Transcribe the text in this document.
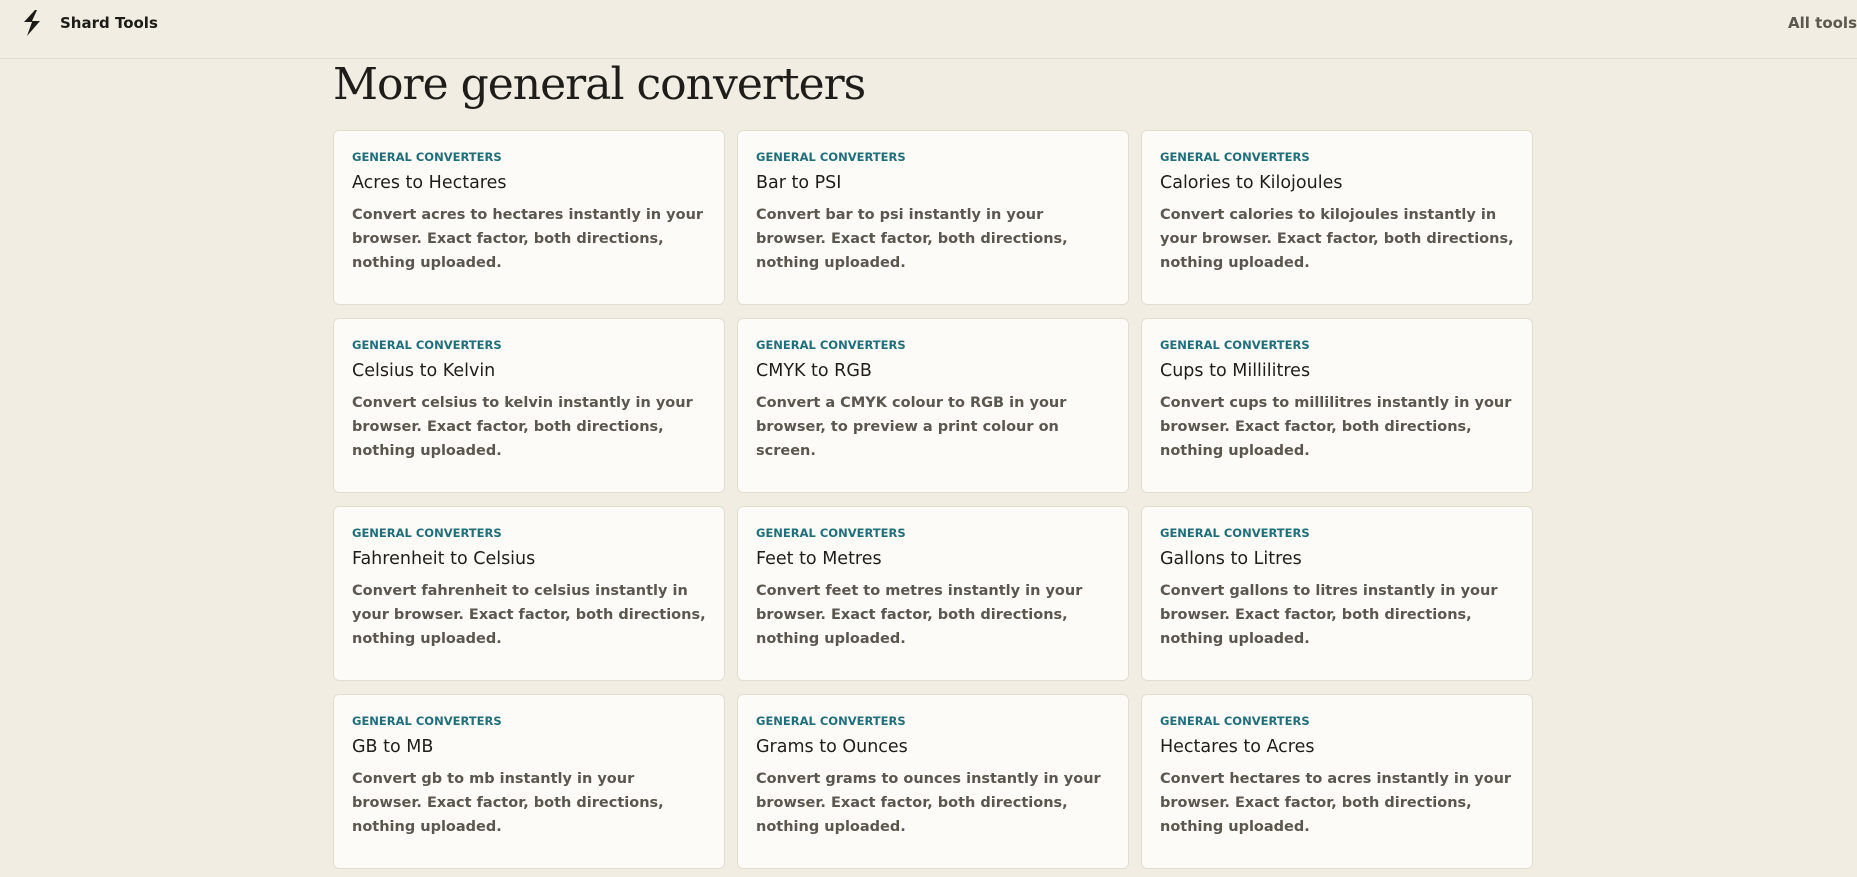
Shard Tools	All tools
More general converters
GENERAL CONVERTERS
Acres to Hectares
Convert acres to hectares instantly in your browser. Exact factor, both directions, nothing uploaded.
GENERAL CONVERTERS
Bar to PSI
Convert bar to psi instantly in your browser. Exact factor, both directions, nothing uploaded.
GENERAL CONVERTERS
Calories to Kilojoules
Convert calories to kilojoules instantly in your browser. Exact factor, both directions, nothing uploaded.
GENERAL CONVERTERS
Celsius to Kelvin
Convert celsius to kelvin instantly in your browser. Exact factor, both directions, nothing uploaded.
GENERAL CONVERTERS
CMYK to RGB
Convert a CMYK colour to RGB in your browser, to preview a print colour on screen.
GENERAL CONVERTERS
Cups to Millilitres
Convert cups to millilitres instantly in your browser. Exact factor, both directions, nothing uploaded.
GENERAL CONVERTERS
Fahrenheit to Celsius
Convert fahrenheit to celsius instantly in your browser. Exact factor, both directions, nothing uploaded.
GENERAL CONVERTERS
Feet to Metres
Convert feet to metres instantly in your browser. Exact factor, both directions, nothing uploaded.
GENERAL CONVERTERS
Gallons to Litres
Convert gallons to litres instantly in your browser. Exact factor, both directions, nothing uploaded.
GENERAL CONVERTERS
GB to MB
Convert gb to mb instantly in your browser. Exact factor, both directions, nothing uploaded.
GENERAL CONVERTERS
Grams to Ounces
Convert grams to ounces instantly in your browser. Exact factor, both directions, nothing uploaded.
GENERAL CONVERTERS
Hectares to Acres
Convert hectares to acres instantly in your browser. Exact factor, both directions, nothing uploaded.
